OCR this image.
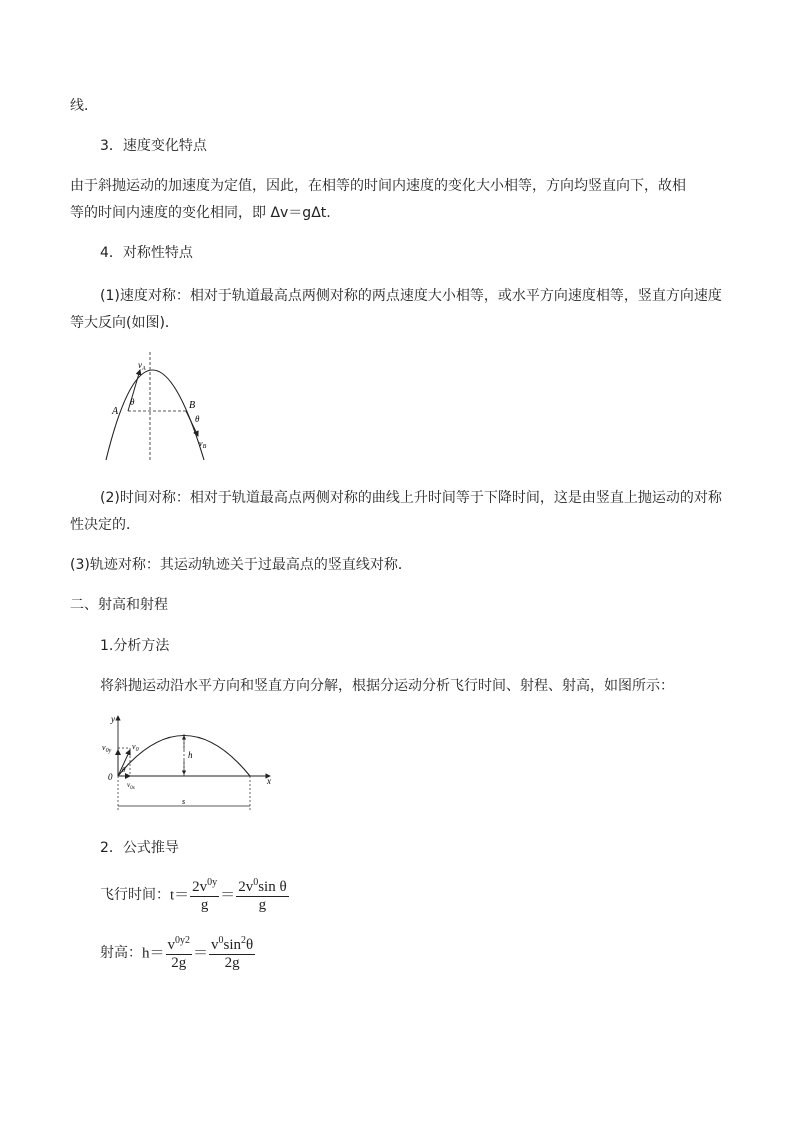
线．
3．速度变化特点
由于斜抛运动的加速度为定值，因此，在相等的时间内速度的变化大小相等，方向均竖直向下，故相
等的时间内速度的变化相同，即 Δv＝gΔt.
4．对称性特点
(1)速度对称：相对于轨道最高点两侧对称的两点速度大小相等，或水平方向速度相等，竖直方向速度
等大反向(如图)．
$v_A$
A
θ	B
θ
$v_B$
(2)时间对称：相对于轨道最高点两侧对称的曲线上升时间等于下降时间，这是由竖直上抛运动的对称
性决定的．
(3)轨迹对称：其运动轨迹关于过最高点的竖直线对称．
二、射高和射程
1.分析方法
将斜抛运动沿水平方向和竖直方向分解，根据分运动分析飞行时间、射程、射高，如图所示：
y
$v_{0y}$	$v_0$	h
0
θ
$v_{0x}$
x
s
2．公式推导
飞行时间：$t= \frac{2v^{0y}}{g} = \frac{2v^0\sin \theta}{g}$
射高：$h= \frac{v^{0y2}}{2g} = \frac{v^0\sin^2\theta}{2g}$
